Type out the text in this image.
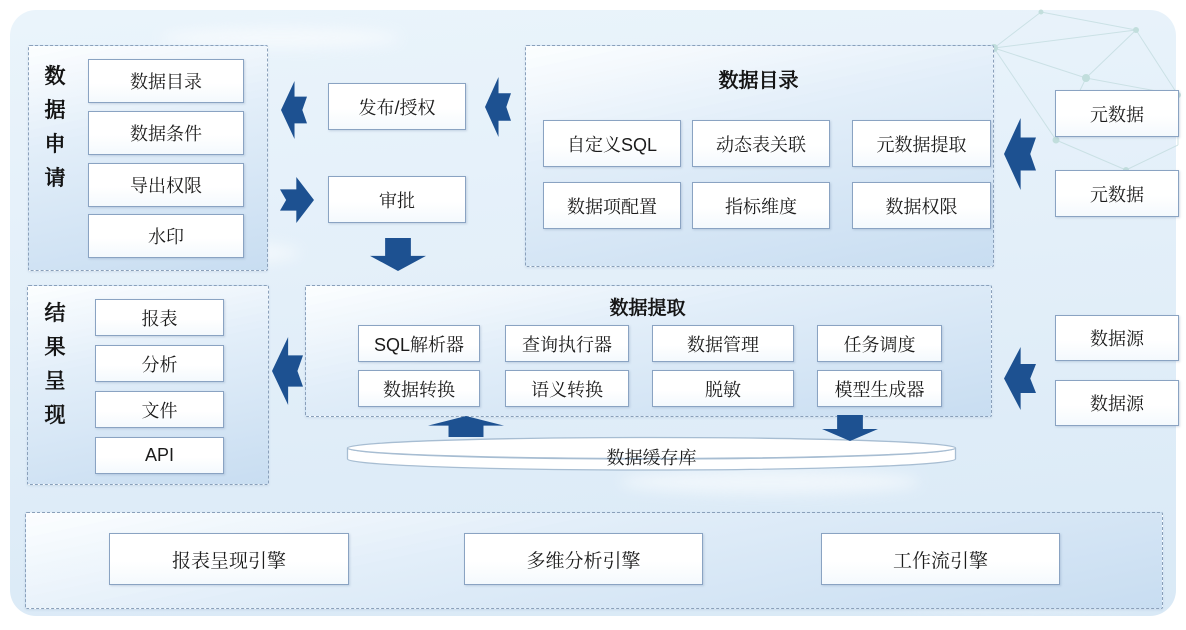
数据申请
数据目录
数据条件
导出权限
水印
结果呈现
报表
分析
文件
API
发布/授权
审批
数据目录
自定义SQL	动态表关联	元数据提取
数据项配置	指标维度	数据权限
元数据
元数据
数据提取
SQL解析器	查询执行器	数据管理	任务调度
数据转换	语义转换	脱敏	模型生成器
数据源
数据源
数据缓存库
报表呈现引擎	多维分析引擎	工作流引擎
